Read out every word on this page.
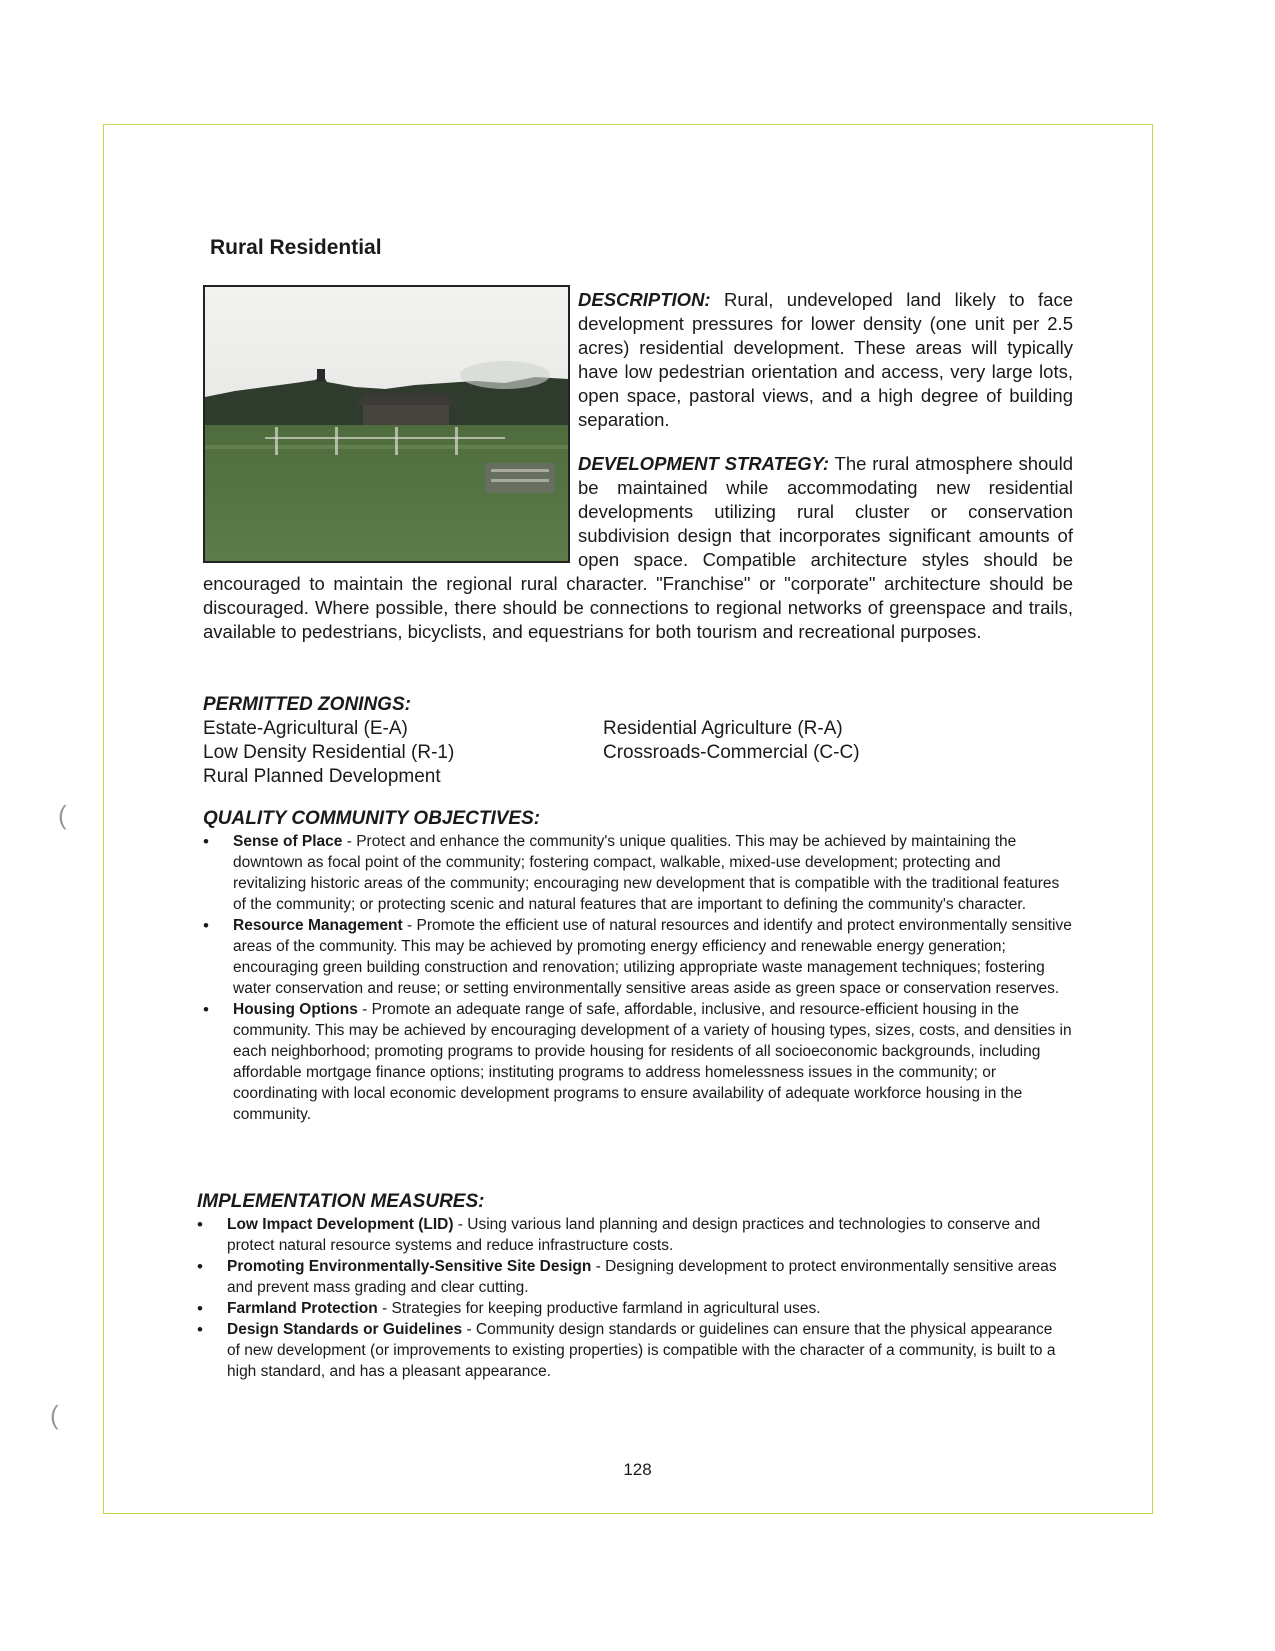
Rural Residential

DESCRIPTION: Rural, undeveloped land likely to face development pressures for lower density (one unit per 2.5 acres) residential development. These areas will typically have low pedestrian orientation and access, very large lots, open space, pastoral views, and a high degree of building separation.

DEVELOPMENT STRATEGY: The rural atmosphere should be maintained while accommodating new residential developments utilizing rural cluster or conservation subdivision design that incorporates significant amounts of open space. Compatible architecture styles should be encouraged to maintain the regional rural character. "Franchise" or "corporate" architecture should be discouraged. Where possible, there should be connections to regional networks of greenspace and trails, available to pedestrians, bicyclists, and equestrians for both tourism and recreational purposes.

PERMITTED ZONINGS:
Estate-Agricultural (E-A)
Low Density Residential (R-1)
Rural Planned Development
Residential Agriculture (R-A)
Crossroads-Commercial (C-C)
QUALITY COMMUNITY OBJECTIVES:
• Sense of Place - Protect and enhance the community's unique qualities. This may be achieved by maintaining the downtown as focal point of the community; fostering compact, walkable, mixed-use development; protecting and revitalizing historic areas of the community; encouraging new development that is compatible with the traditional features of the community; or protecting scenic and natural features that are important to defining the community's character.
• Resource Management - Promote the efficient use of natural resources and identify and protect environmentally sensitive areas of the community. This may be achieved by promoting energy efficiency and renewable energy generation; encouraging green building construction and renovation; utilizing appropriate waste management techniques; fostering water conservation and reuse; or setting environmentally sensitive areas aside as green space or conservation reserves.
• Housing Options - Promote an adequate range of safe, affordable, inclusive, and resource-efficient housing in the community. This may be achieved by encouraging development of a variety of housing types, sizes, costs, and densities in each neighborhood; promoting programs to provide housing for residents of all socioeconomic backgrounds, including affordable mortgage finance options; instituting programs to address homelessness issues in the community; or coordinating with local economic development programs to ensure availability of adequate workforce housing in the community.
IMPLEMENTATION MEASURES:
• Low Impact Development (LID) - Using various land planning and design practices and technologies to conserve and protect natural resource systems and reduce infrastructure costs.
• Promoting Environmentally-Sensitive Site Design - Designing development to protect environmentally sensitive areas and prevent mass grading and clear cutting.
• Farmland Protection - Strategies for keeping productive farmland in agricultural uses.
• Design Standards or Guidelines - Community design standards or guidelines can ensure that the physical appearance of new development (or improvements to existing properties) is compatible with the character of a community, is built to a high standard, and has a pleasant appearance.
128
(
(
